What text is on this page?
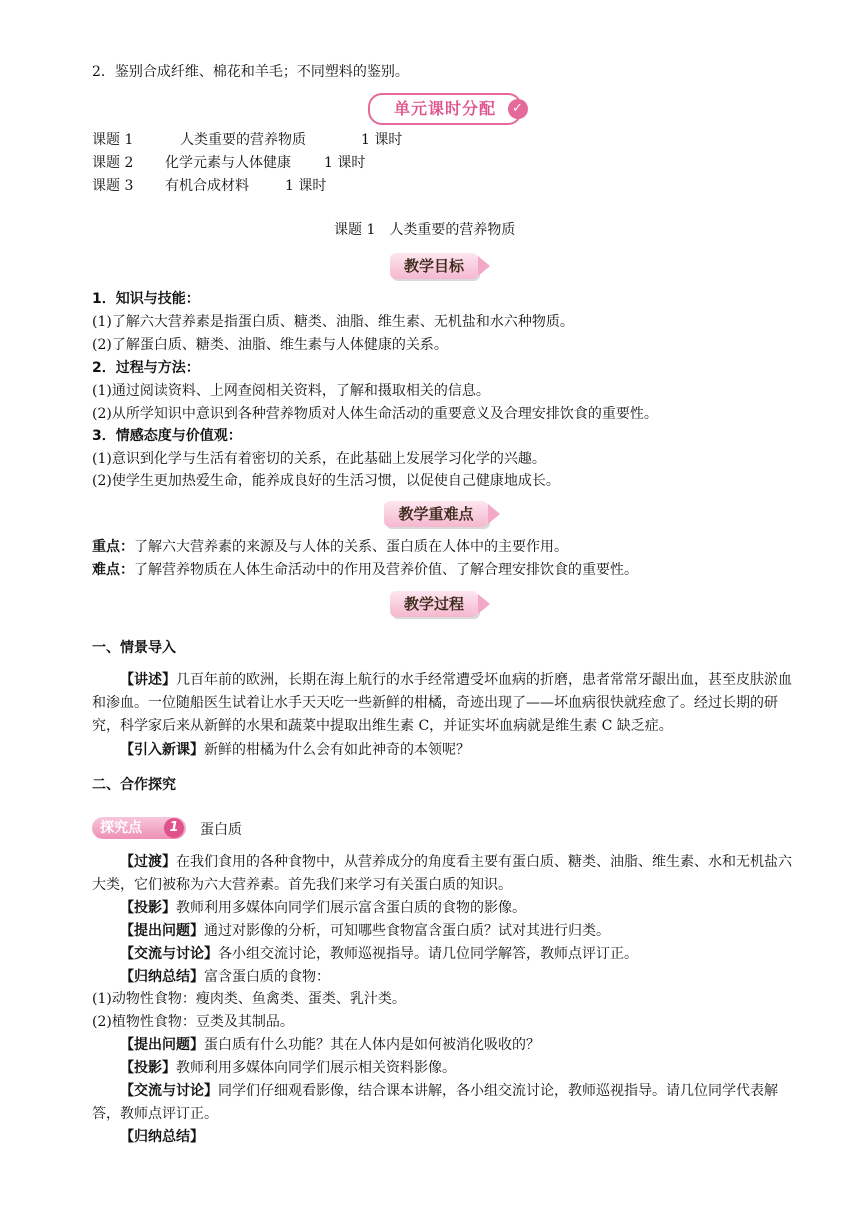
2．鉴别合成纤维、棉花和羊毛；不同塑料的鉴别。
单元课时分配	✓
课题 1	人类重要的营养物质	1 课时
课题 2 化学元素与人体健康 1 课时
课题 3 有机合成材料	1 课时
课题 1　人类重要的营养物质
教学目标
1．知识与技能：
(1)了解六大营养素是指蛋白质、糖类、油脂、维生素、无机盐和水六种物质。
(2)了解蛋白质、糖类、油脂、维生素与人体健康的关系。
2．过程与方法：
(1)通过阅读资料、上网查阅相关资料，了解和摄取相关的信息。
(2)从所学知识中意识到各种营养物质对人体生命活动的重要意义及合理安排饮食的重要性。
3．情感态度与价值观：
(1)意识到化学与生活有着密切的关系，在此基础上发展学习化学的兴趣。
(2)使学生更加热爱生命，能养成良好的生活习惯，以促使自己健康地成长。
教学重难点
重点：了解六大营养素的来源及与人体的关系、蛋白质在人体中的主要作用。
难点：了解营养物质在人体生命活动中的作用及营养价值、了解合理安排饮食的重要性。
教学过程
一、情景导入
【讲述】几百年前的欧洲，长期在海上航行的水手经常遭受坏血病的折磨，患者常常牙龈出血，甚至皮肤淤血和渗血。一位随船医生试着让水手天天吃一些新鲜的柑橘，奇迹出现了——坏血病很快就痊愈了。经过长期的研究，科学家后来从新鲜的水果和蔬菜中提取出维生素 C，并证实坏血病就是维生素 C 缺乏症。
【引入新课】新鲜的柑橘为什么会有如此神奇的本领呢？
二、合作探究
探究点	1	蛋白质
【过渡】在我们食用的各种食物中，从营养成分的角度看主要有蛋白质、糖类、油脂、维生素、水和无机盐六大类，它们被称为六大营养素。首先我们来学习有关蛋白质的知识。
【投影】教师利用多媒体向同学们展示富含蛋白质的食物的影像。
【提出问题】通过对影像的分析，可知哪些食物富含蛋白质？试对其进行归类。
【交流与讨论】各小组交流讨论，教师巡视指导。请几位同学解答，教师点评订正。
【归纳总结】富含蛋白质的食物：
(1)动物性食物：瘦肉类、鱼禽类、蛋类、乳汁类。
(2)植物性食物：豆类及其制品。
【提出问题】蛋白质有什么功能？其在人体内是如何被消化吸收的？
【投影】教师利用多媒体向同学们展示相关资料影像。
【交流与讨论】同学们仔细观看影像，结合课本讲解，各小组交流讨论，教师巡视指导。请几位同学代表解答，教师点评订正。
【归纳总结】
